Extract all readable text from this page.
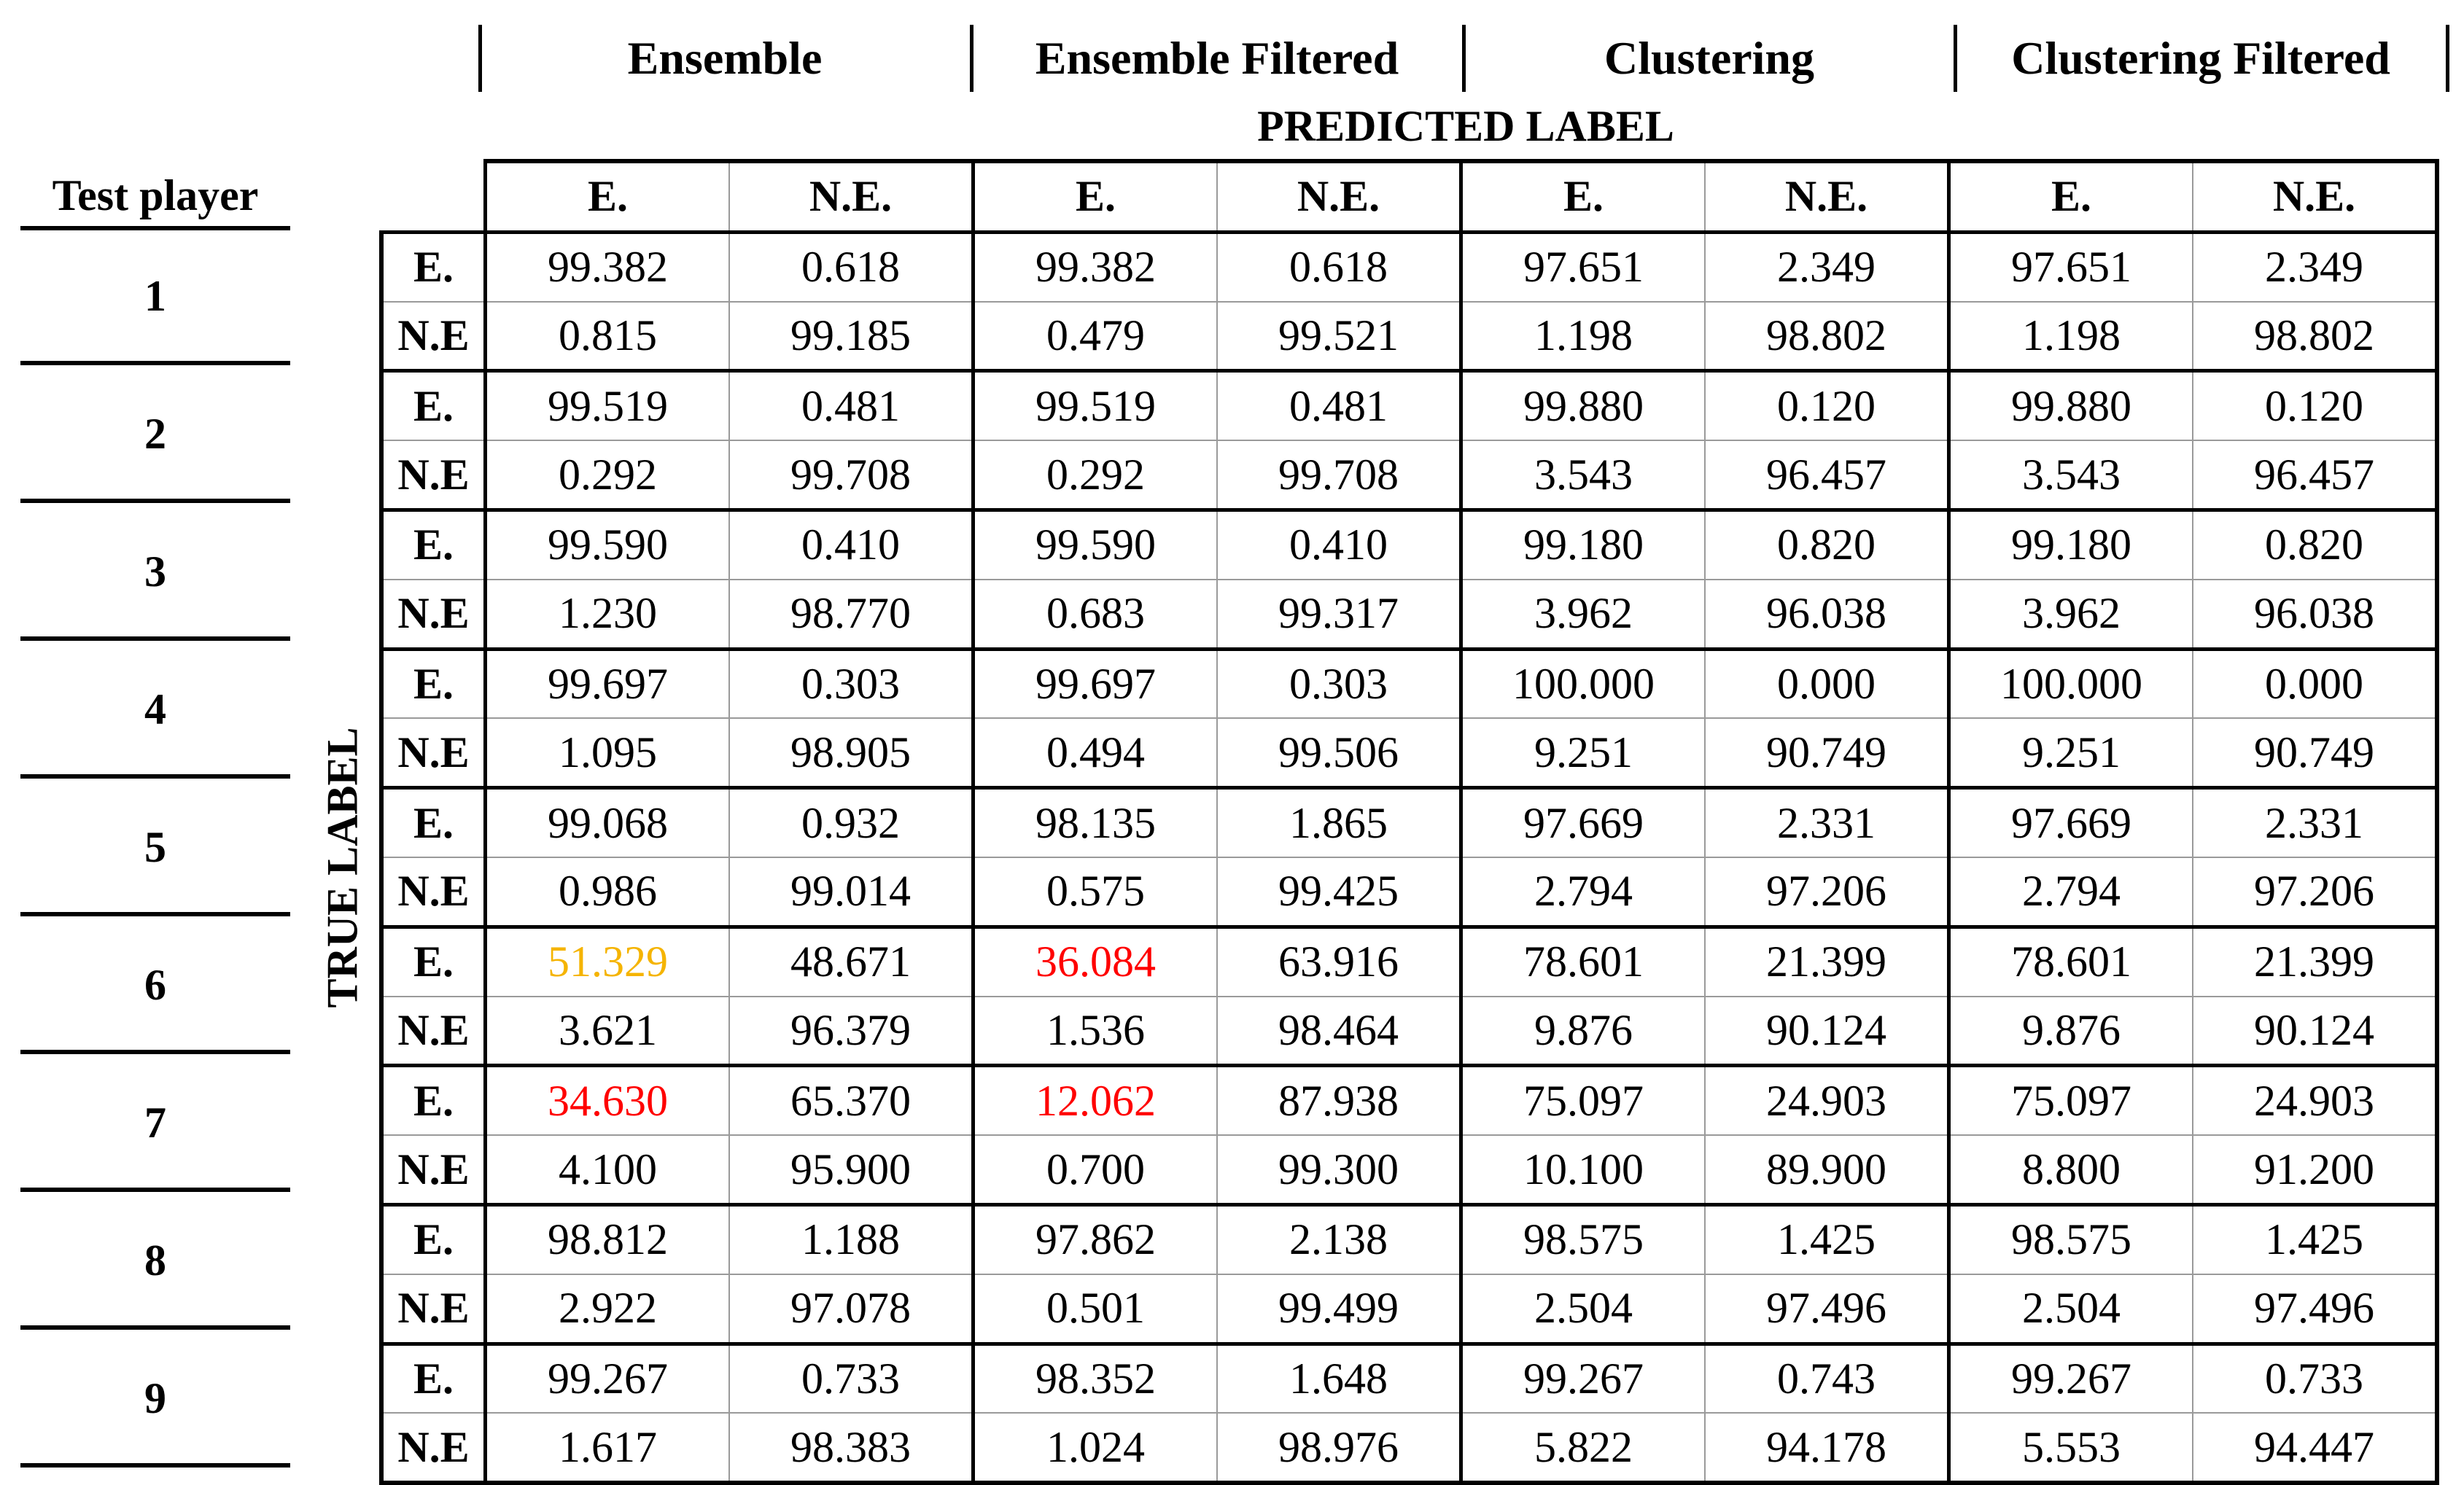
Ensemble	Ensemble Filtered	Clustering	Clustering Filtered
PREDICTED LABEL
Test player
TRUE LABEL
1
2
3
4
5
6
7
8
9
	E.	N.E.	E.	N.E.	E.	N.E.	E.	N.E.
E.	99.382	0.618	99.382	0.618	97.651	2.349	97.651	2.349
N.E	0.815	99.185	0.479	99.521	1.198	98.802	1.198	98.802
E.	99.519	0.481	99.519	0.481	99.880	0.120	99.880	0.120
N.E	0.292	99.708	0.292	99.708	3.543	96.457	3.543	96.457
E.	99.590	0.410	99.590	0.410	99.180	0.820	99.180	0.820
N.E	1.230	98.770	0.683	99.317	3.962	96.038	3.962	96.038
E.	99.697	0.303	99.697	0.303	100.000	0.000	100.000	0.000
N.E	1.095	98.905	0.494	99.506	9.251	90.749	9.251	90.749
E.	99.068	0.932	98.135	1.865	97.669	2.331	97.669	2.331
N.E	0.986	99.014	0.575	99.425	2.794	97.206	2.794	97.206
E.	51.329	48.671	36.084	63.916	78.601	21.399	78.601	21.399
N.E	3.621	96.379	1.536	98.464	9.876	90.124	9.876	90.124
E.	34.630	65.370	12.062	87.938	75.097	24.903	75.097	24.903
N.E	4.100	95.900	0.700	99.300	10.100	89.900	8.800	91.200
E.	98.812	1.188	97.862	2.138	98.575	1.425	98.575	1.425
N.E	2.922	97.078	0.501	99.499	2.504	97.496	2.504	97.496
E.	99.267	0.733	98.352	1.648	99.267	0.743	99.267	0.733
N.E	1.617	98.383	1.024	98.976	5.822	94.178	5.553	94.447
